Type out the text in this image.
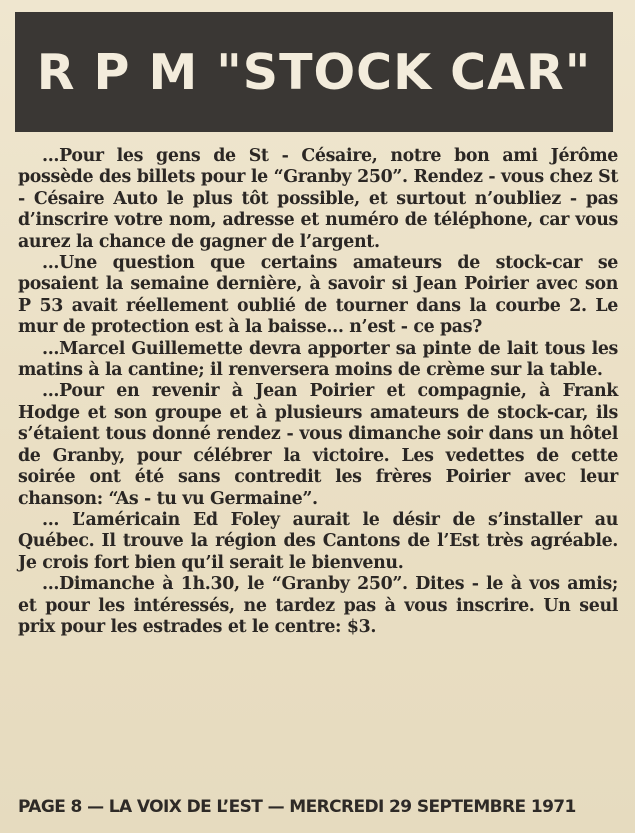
R P M "STOCK CAR"

...Pour les gens de St - Césaire, notre bon ami Jérôme possède des billets pour le “Granby 250”. Rendez - vous chez St - Césaire Auto le plus tôt possible, et surtout n’oubliez - pas d’inscrire votre nom, adresse et numéro de téléphone, car vous aurez la chance de gagner de l’argent.

...Une question que certains amateurs de stock-car se posaient la semaine dernière, à savoir si Jean Poirier avec son P 53 avait réellement oublié de tourner dans la courbe 2. Le mur de protection est à la baisse... n’est - ce pas?

...Marcel Guillemette devra apporter sa pinte de lait tous les matins à la cantine; il renversera moins de crème sur la table.

...Pour en revenir à Jean Poirier et compagnie, à Frank Hodge et son groupe et à plusieurs amateurs de stock-car, ils s’étaient tous donné rendez - vous dimanche soir dans un hôtel de Granby, pour célébrer la victoire. Les vedettes de cette soirée ont été sans contredit les frères Poirier avec leur chanson: “As - tu vu Germaine”.

... L’américain Ed Foley aurait le désir de s’installer au Québec. Il trouve la région des Cantons de l’Est très agréable. Je crois fort bien qu’il serait le bienvenu.

...Dimanche à 1h.30, le “Granby 250”. Dites - le à vos amis; et pour les intéressés, ne tardez pas à vous inscrire. Un seul prix pour les estrades et le centre: $3.

PAGE 8 — LA VOIX DE L’EST — MERCREDI 29 SEPTEMBRE 1971
